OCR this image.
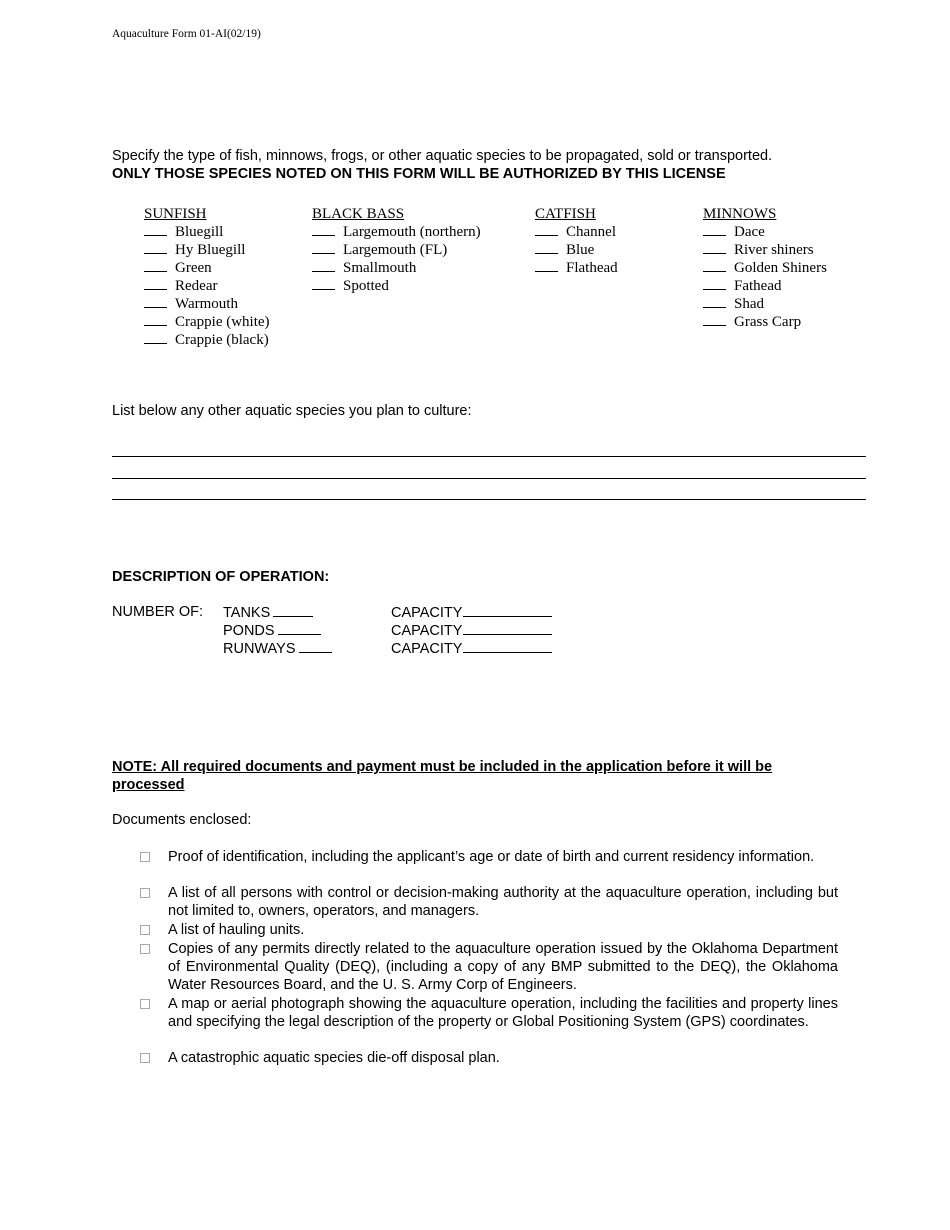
Aquaculture Form 01-AI(02/19)
Specify the type of fish, minnows, frogs, or other aquatic species to be propagated, sold or transported.
ONLY THOSE SPECIES NOTED ON THIS FORM WILL BE AUTHORIZED BY THIS LICENSE
SUNFISH
Bluegill
Hy Bluegill
Green
Redear
Warmouth
Crappie (white)
Crappie (black)
BLACK BASS
Largemouth (northern)
Largemouth (FL)
Smallmouth
Spotted
CATFISH
Channel
Blue
Flathead
MINNOWS
Dace
River shiners
Golden Shiners
Fathead
Shad
Grass Carp
List below any other aquatic species you plan to culture:
DESCRIPTION OF OPERATION:
NUMBER OF: TANKS
PONDS
RUNWAYS
CAPACITY
CAPACITY
CAPACITY
NOTE: All required documents and payment must be included in the application before it will be processed
Documents enclosed:
Proof of identification, including the applicant’s age or date of birth and current residency information.
A list of all persons with control or decision-making authority at the aquaculture operation, including but not limited to, owners, operators, and managers.
A list of hauling units.
Copies of any permits directly related to the aquaculture operation issued by the Oklahoma Department of Environmental Quality (DEQ), (including a copy of any BMP submitted to the DEQ), the Oklahoma Water Resources Board, and the U. S. Army Corp of Engineers.
A map or aerial photograph showing the aquaculture operation, including the facilities and property lines and specifying the legal description of the property or Global Positioning System (GPS) coordinates.
A catastrophic aquatic species die-off disposal plan.
